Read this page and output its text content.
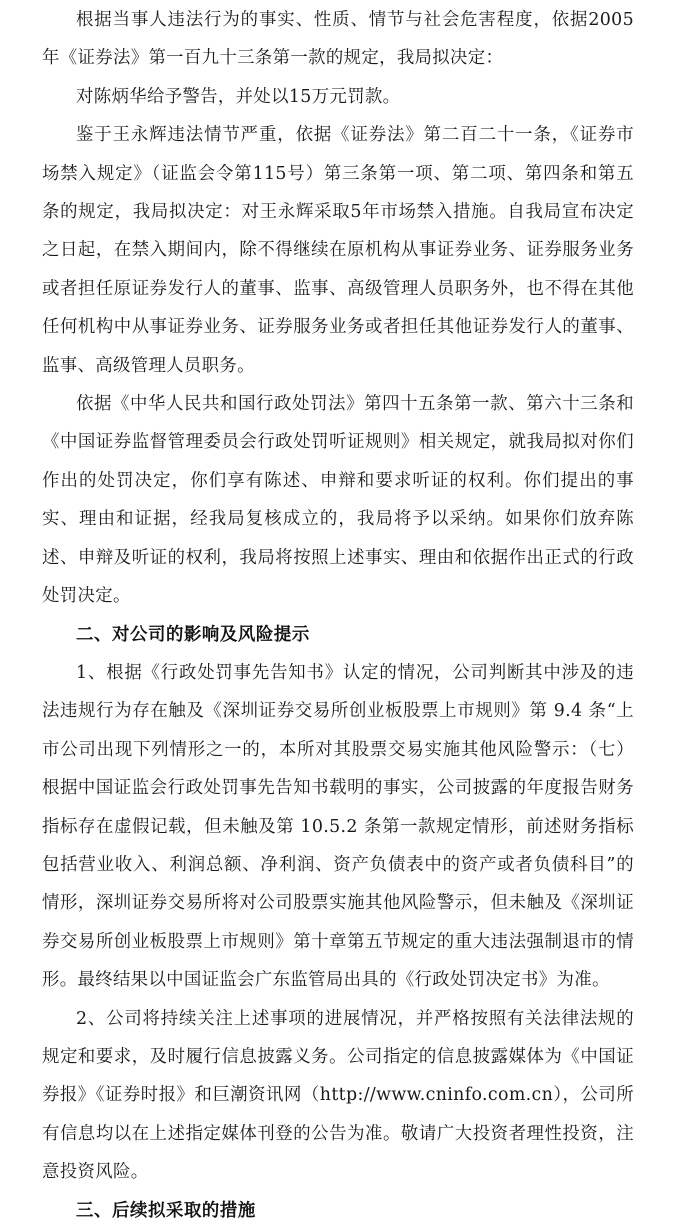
根据当事人违法行为的事实、性质、情节与社会危害程度，依据2005年《证券法》第一百九十三条第一款的规定，我局拟决定：

对陈炳华给予警告，并处以15万元罚款。

鉴于王永辉违法情节严重，依据《证券法》第二百二十一条，《证券市场禁入规定》（证监会令第115号）第三条第一项、第二项、第四条和第五条的规定，我局拟决定：对王永辉采取5年市场禁入措施。自我局宣布决定之日起，在禁入期间内，除不得继续在原机构从事证券业务、证券服务业务或者担任原证券发行人的董事、监事、高级管理人员职务外，也不得在其他任何机构中从事证券业务、证券服务业务或者担任其他证券发行人的董事、监事、高级管理人员职务。

依据《中华人民共和国行政处罚法》第四十五条第一款、第六十三条和《中国证券监督管理委员会行政处罚听证规则》相关规定，就我局拟对你们作出的处罚决定，你们享有陈述、申辩和要求听证的权利。你们提出的事实、理由和证据，经我局复核成立的，我局将予以采纳。如果你们放弃陈述、申辩及听证的权利，我局将按照上述事实、理由和依据作出正式的行政处罚决定。

二、对公司的影响及风险提示

1、根据《行政处罚事先告知书》认定的情况，公司判断其中涉及的违法违规行为存在触及《深圳证券交易所创业板股票上市规则》第 9.4 条“上市公司出现下列情形之一的，本所对其股票交易实施其他风险警示：（七）根据中国证监会行政处罚事先告知书载明的事实，公司披露的年度报告财务指标存在虚假记载，但未触及第 10.5.2 条第一款规定情形，前述财务指标包括营业收入、利润总额、净利润、资产负债表中的资产或者负债科目”的情形，深圳证券交易所将对公司股票实施其他风险警示，但未触及《深圳证券交易所创业板股票上市规则》第十章第五节规定的重大违法强制退市的情形。最终结果以中国证监会广东监管局出具的《行政处罚决定书》为准。

2、公司将持续关注上述事项的进展情况，并严格按照有关法律法规的规定和要求，及时履行信息披露义务。公司指定的信息披露媒体为《中国证券报》《证券时报》和巨潮资讯网（http://www.cninfo.com.cn），公司所有信息均以在上述指定媒体刊登的公告为准。敬请广大投资者理性投资，注意投资风险。

三、后续拟采取的措施
